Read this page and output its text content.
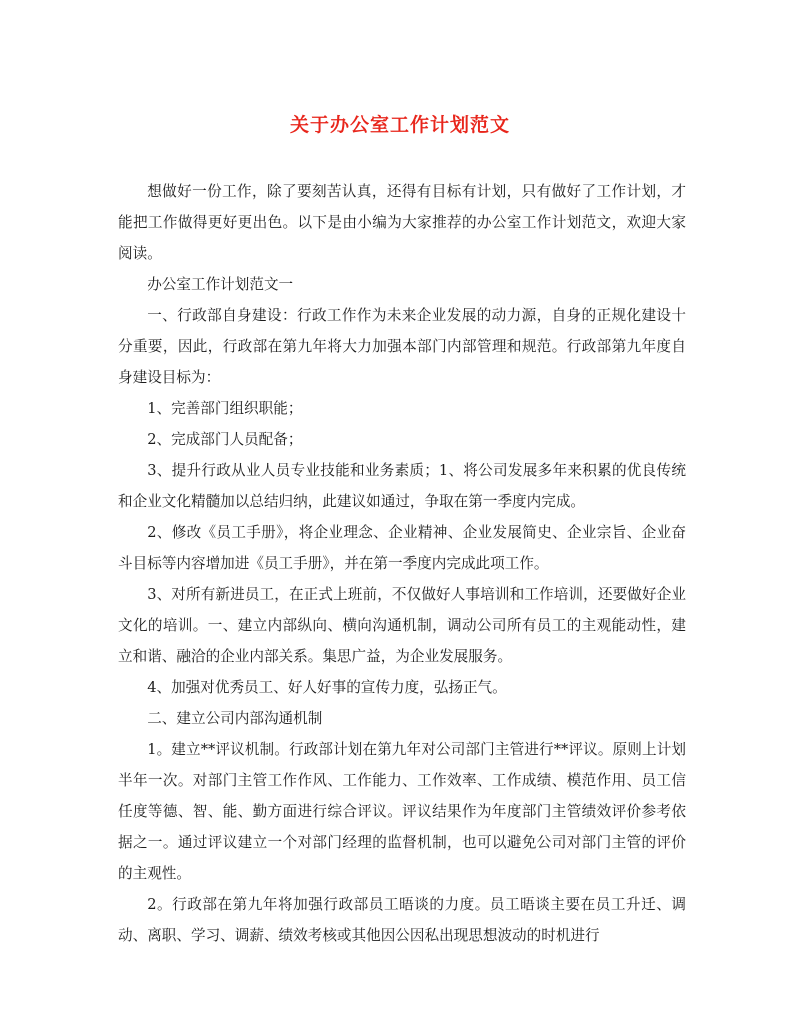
关于办公室工作计划范文

想做好一份工作，除了要刻苦认真，还得有目标有计划，只有做好了工作计划，才能把工作做得更好更出色。以下是由小编为大家推荐的办公室工作计划范文，欢迎大家阅读。

办公室工作计划范文一

一、行政部自身建设：行政工作作为未来企业发展的动力源，自身的正规化建设十分重要，因此，行政部在第九年将大力加强本部门内部管理和规范。行政部第九年度自身建设目标为：

1、完善部门组织职能；

2、完成部门人员配备；

3、提升行政从业人员专业技能和业务素质；1、将公司发展多年来积累的优良传统和企业文化精髓加以总结归纳，此建议如通过，争取在第一季度内完成。

2、修改《员工手册》，将企业理念、企业精神、企业发展简史、企业宗旨、企业奋斗目标等内容增加进《员工手册》，并在第一季度内完成此项工作。

3、对所有新进员工，在正式上班前，不仅做好人事培训和工作培训，还要做好企业文化的培训。一、建立内部纵向、横向沟通机制，调动公司所有员工的主观能动性，建立和谐、融洽的企业内部关系。集思广益，为企业发展服务。

4、加强对优秀员工、好人好事的宣传力度，弘扬正气。

二、建立公司内部沟通机制

1。建立**评议机制。行政部计划在第九年对公司部门主管进行**评议。原则上计划半年一次。对部门主管工作作风、工作能力、工作效率、工作成绩、模范作用、员工信任度等德、智、能、勤方面进行综合评议。评议结果作为年度部门主管绩效评价参考依据之一。通过评议建立一个对部门经理的监督机制，也可以避免公司对部门主管的评价的主观性。

2。行政部在第九年将加强行政部员工晤谈的力度。员工晤谈主要在员工升迁、调动、离职、学习、调薪、绩效考核或其他因公因私出现思想波动的时机进行
